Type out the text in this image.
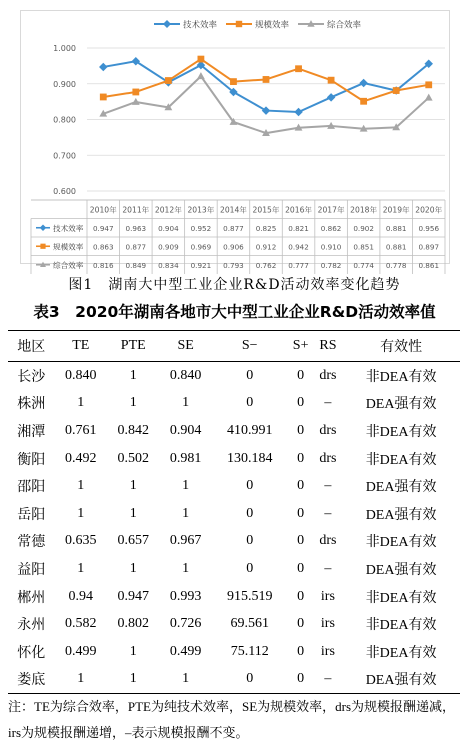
0.600
0.700
0.800
0.900
1.000
技术效率	规模效率	综合效率
2010年 2011年 2012年 2013年 2014年 2015年 2016年 2017年 2018年 2019年 2020年
技术效率 0.947 0.963 0.904 0.952 0.877 0.825 0.821 0.862 0.902 0.881 0.956
规模效率 0.863 0.877 0.909 0.969 0.906 0.912 0.942 0.910 0.851 0.881 0.897
综合效率 0.816 0.849 0.834 0.921 0.793 0.762 0.777 0.782 0.774 0.778 0.861
图1　湖南大中型工业企业R&D活动效率变化趋势
表3　2020年湖南各地市大中型工业企业R&D活动效率值
地区	TE	PTE	SE	S−	S+	RS	有效性
长沙	0.840	1	0.840	0	0	drs	非DEA有效
株洲	1	1	1	0	0	–	DEA强有效
湘潭	0.761	0.842	0.904	410.991	0	drs	非DEA有效
衡阳	0.492	0.502	0.981	130.184	0	drs	非DEA有效
邵阳	1	1	1	0	0	–	DEA强有效
岳阳	1	1	1	0	0	–	DEA强有效
常德	0.635	0.657	0.967	0	0	drs	非DEA有效
益阳	1	1	1	0	0	–	DEA强有效
郴州	0.94	0.947	0.993	915.519	0	irs	非DEA有效
永州	0.582	0.802	0.726	69.561	0	irs	非DEA有效
怀化	0.499	1	0.499	75.112	0	irs	非DEA有效
娄底	1	1	1	0	0	–	DEA强有效
注：TE为综合效率，PTE为纯技术效率，SE为规模效率，drs为规模报酬递减，irs为规模报酬递增，–表示规模报酬不变。
